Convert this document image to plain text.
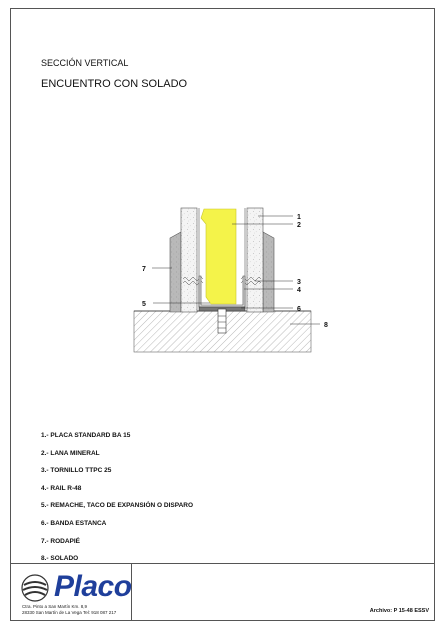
SECCIÓN VERTICAL
ENCUENTRO CON SOLADO
1
2
3
4
5
6
7
8
1.- PLACA STANDARD BA 15
2.- LANA MINERAL
3.- TORNILLO TTPC 25
4.- RAIL R-48
5.- REMACHE, TACO DE EXPANSIÓN O DISPARO
6.- BANDA ESTANCA
7.- RODAPIÉ
8.- SOLADO
Placo
Ctra. Pinto a San Martín Km. 8,9
28330 San Martín de La Vega Tel: 918 087 217	Archivo: P 15-48 ESSV
